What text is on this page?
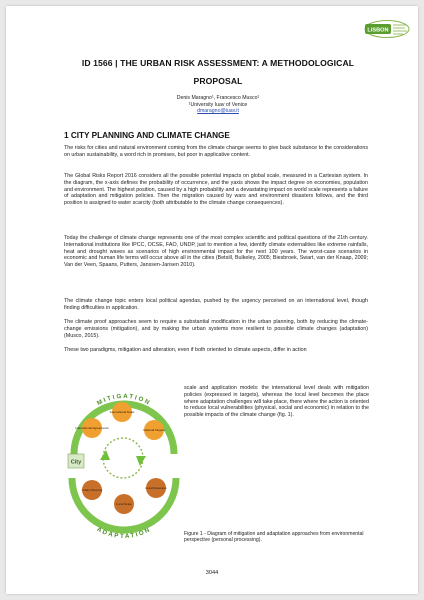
LISBON
ID 1566 | THE URBAN RISK ASSESSMENT: A METHODOLOGICAL
PROPOSAL
Denis Maragno¹, Francesco Musco¹
¹University Iuav of Venice
dmaragno@iuav.it
1 CITY PLANNING AND CLIMATE CHANGE

The risks for cities and natural environment coming from the climate change seems to give back substance to the considerations on urban sustainability, a word rich in promises, but poor in applicative content.

The Global Risks Report 2016 considers all the possible potential impacts on global scale, measured in a Cartesian system. In the diagram, the x-axis defines the probability of occurrence, and the yaxis shows the impact degree on economies, population and environment. The highest position, caused by a high probability and a devastating impact on world scale represents a failure of adaptation and mitigation policies. Then the migration caused by wars and environment disasters follows, and the third position is assigned to water scarcity (both attributable to the climate change consequences).

Today the challenge of climate change represents one of the most complex scientific and political questions of the 21th century. International institutions like IPCC, OCSE, FAO, UNDP, just to mention a few, identify climate externalities like extreme rainfalls, heat and drought waves as scenarios of high environmental impact for the next 100 years. The worst-case scenarios in economic and human life terms will occur above all in the cities (Betsill, Bulkeley, 2005; Biesbroek, Swart, van der Knaap, 2009; Van der Veen, Spaans, Putters, Janssen-Jansen 2010).

The climate change topic enters local political agendas, pushed by the urgency perceived on an international level, though finding difficulties in application.

The climate proof approaches seem to require a substantial modification in the urban planning, both by reducing the climate-change emissions (mitigation), and by making the urban systems more resilient to possible climate changes (adaptation) (Musco, 2015).

These two paradigms, mitigation and alteration, even if both oriented to climate aspects, differ in action

MITIGATION
ADAPTATION
City
International Agreements
International Scale
National Targets
Urban Planning
Local Scale
Local Measures

scale and application models: the international level deals with mitigation policies (expressed in targets), whereas the local level becomes the place where adaptation challenges will take place, there where the action is oriented to reduce local vulnerabilities (physical, social and economic) in relation to the possible impacts of the climate change (fig. 1).

Figure 1 - Diagram of mitigation and adaptation approaches from environmental perspective (personal processing).

3044
